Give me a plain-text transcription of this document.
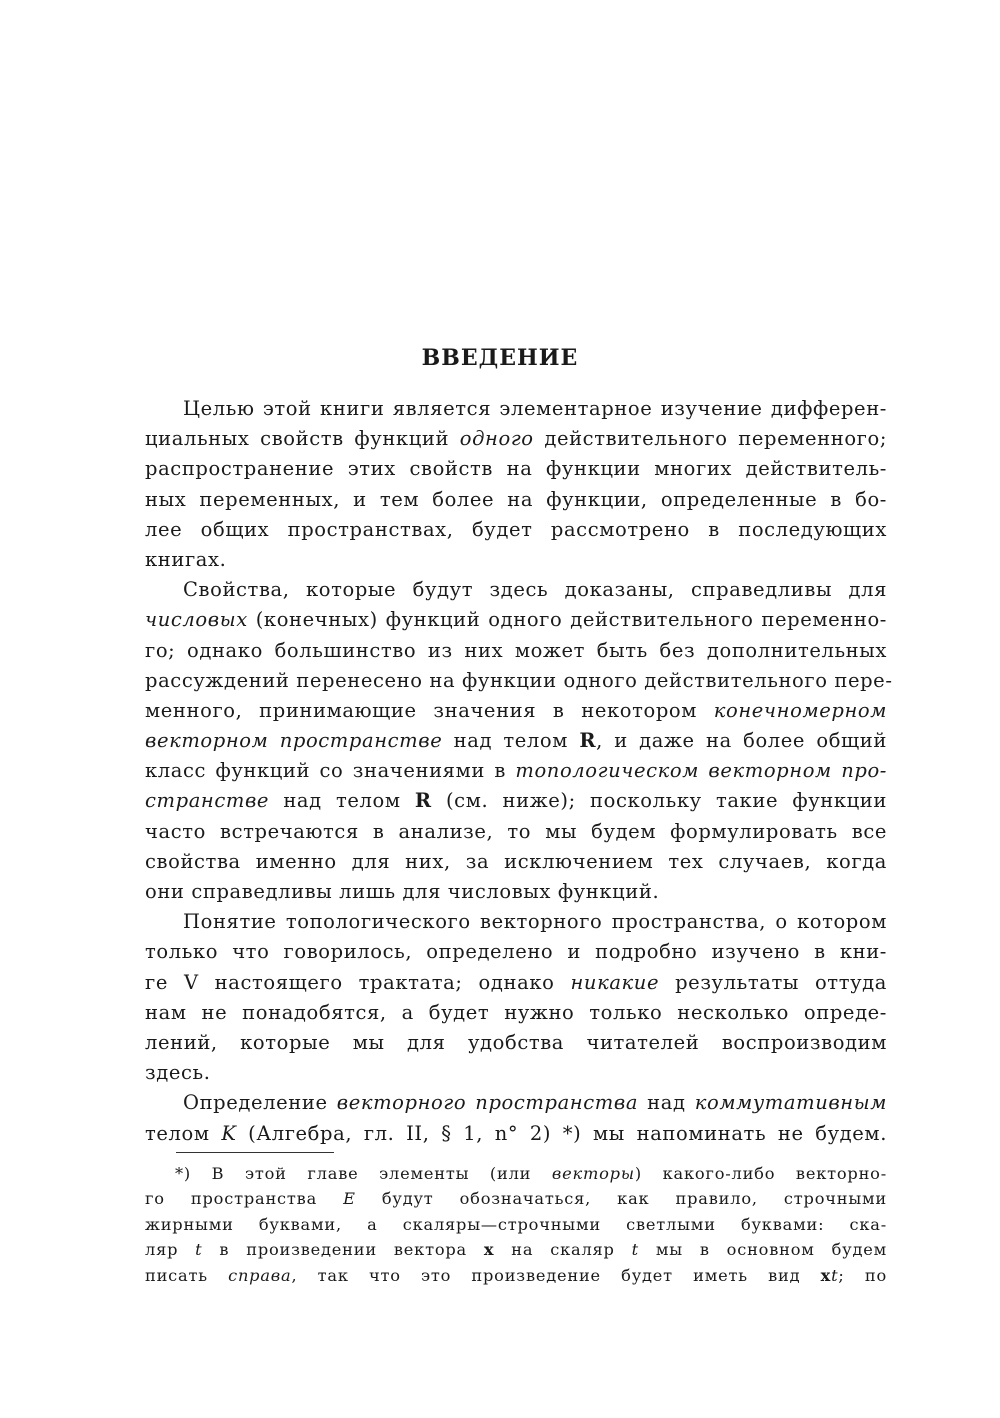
ВВЕДЕНИЕ
Целью этой книги является элементарное изучение дифферен-
циальных свойств функций одного действительного переменного;
распространение этих свойств на функции многих действитель-
ных переменных, и тем более на функции, определенные в бо-
лее общих пространствах, будет рассмотрено в последующих
книгах.
Свойства, которые будут здесь доказаны, справедливы для
числовых (конечных) функций одного действительного переменно-
го; однако большинство из них может быть без дополнительных
рассуждений перенесено на функции одного действительного пере-
менного, принимающие значения в некотором конечномерном
векторном пространстве над телом R, и даже на более общий
класс функций со значениями в топологическом векторном про-
странстве над телом R (см. ниже); поскольку такие функции
часто встречаются в анализе, то мы будем формулировать все
свойства именно для них, за исключением тех случаев, когда
они справедливы лишь для числовых функций.
Понятие топологического векторного пространства, о котором
только что говорилось, определено и подробно изучено в кни-
ге V настоящего трактата; однако никакие результаты оттуда
нам не понадобятся, а будет нужно только несколько опреде-
лений, которые мы для удобства читателей воспроизводим
здесь.
Определение векторного пространства над коммутативным
телом K (Алгебра, гл. II, § 1, n° 2) *) мы напоминать не будем.
*) В этой главе элементы (или векторы) какого-либо векторно-
го пространства E будут обозначаться, как правило, строчными
жирными буквами, а скаляры—строчными светлыми буквами: ска-
ляр t в произведении вектора x на скаляр t мы в основном будем
писать справа, так что это произведение будет иметь вид xt; по
